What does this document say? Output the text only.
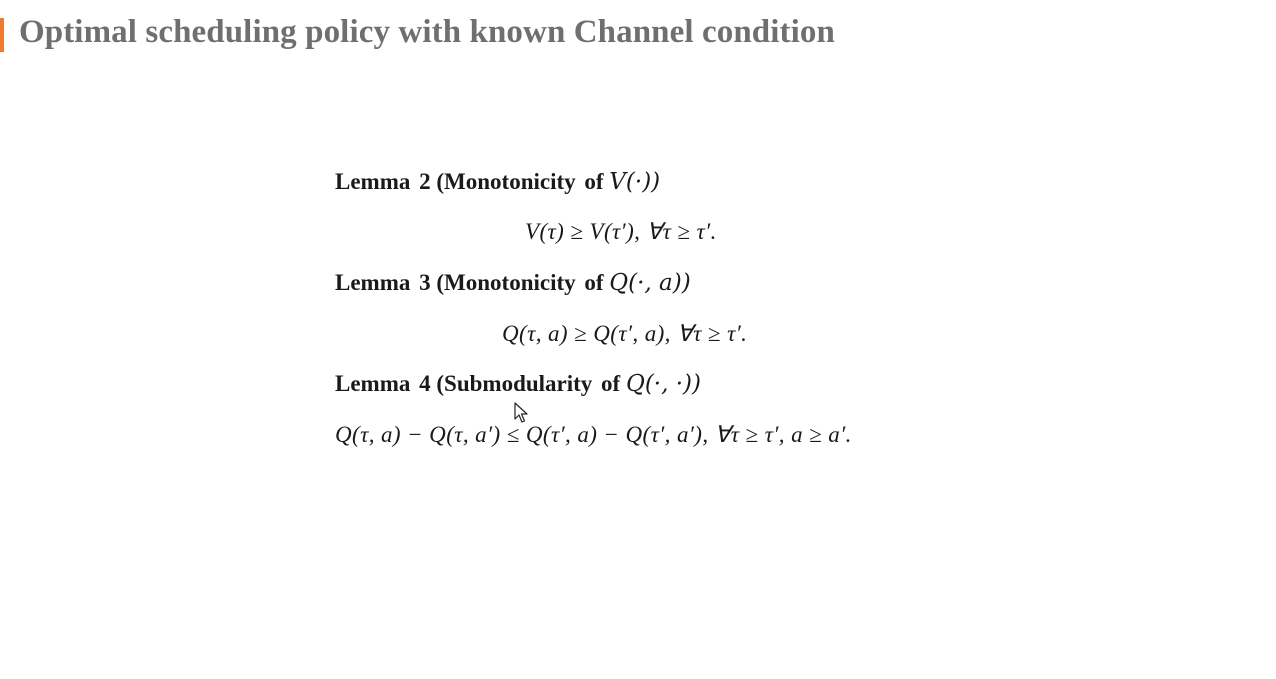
Optimal scheduling policy with known Channel condition
Lemma 2 (Monotonicity of V(·))
V(τ) ≥ V(τ′), ∀τ ≥ τ′.
Lemma 3 (Monotonicity of Q(·, a))
Q(τ, a) ≥ Q(τ′, a), ∀τ ≥ τ′.
Lemma 4 (Submodularity of Q(·, ·))
Q(τ, a) − Q(τ, a′) ≤ Q(τ′, a) − Q(τ′, a′), ∀τ ≥ τ′, a ≥ a′.
